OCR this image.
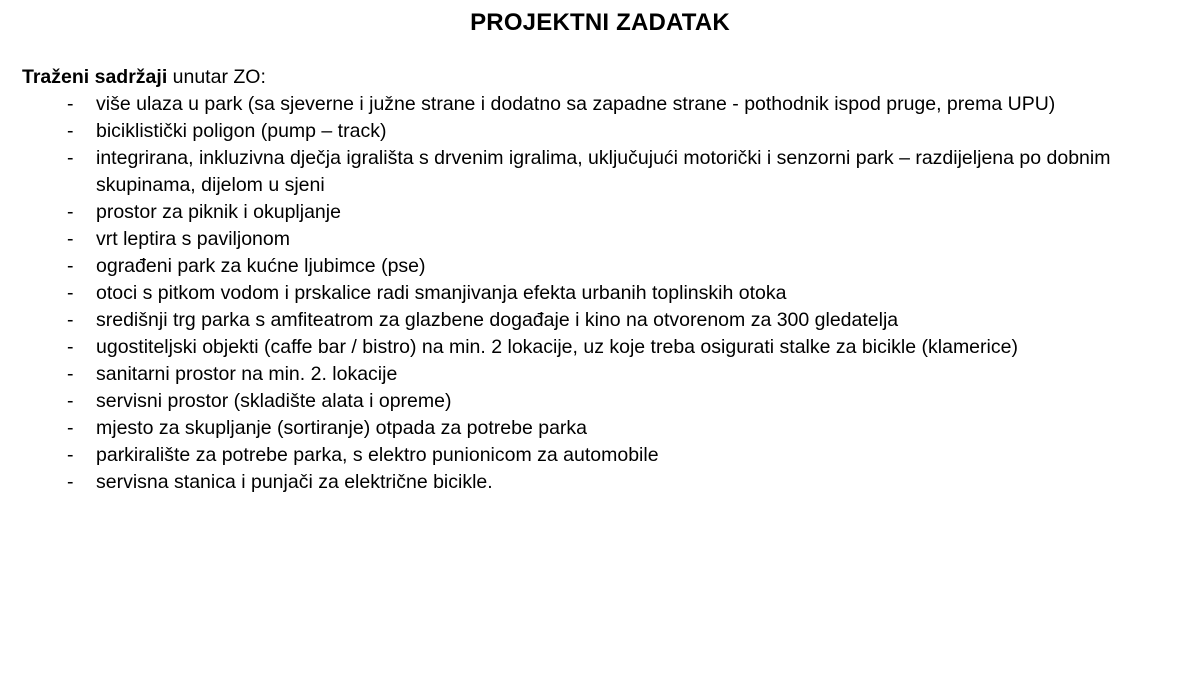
PROJEKTNI ZADATAK
Traženi sadržaji unutar ZO:
- više ulaza u park (sa sjeverne i južne strane i dodatno sa zapadne strane - pothodnik ispod pruge, prema UPU)
- biciklistički poligon (pump – track)
- integrirana, inkluzivna dječja igrališta s drvenim igralima, uključujući motorički i senzorni park – razdijeljena po dobnim skupinama, dijelom u sjeni
- prostor za piknik i okupljanje
- vrt leptira s paviljonom
- ograđeni park za kućne ljubimce (pse)
- otoci s pitkom vodom i prskalice radi smanjivanja efekta urbanih toplinskih otoka
- središnji trg parka s amfiteatrom za glazbene događaje i kino na otvorenom za 300 gledatelja
- ugostiteljski objekti (caffe bar / bistro) na min. 2 lokacije, uz koje treba osigurati stalke za bicikle (klamerice)
- sanitarni prostor na min. 2. lokacije
- servisni prostor (skladište alata i opreme)
- mjesto za skupljanje (sortiranje) otpada za potrebe parka
- parkiralište za potrebe parka, s elektro punionicom za automobile
- servisna stanica i punjači za električne bicikle.
